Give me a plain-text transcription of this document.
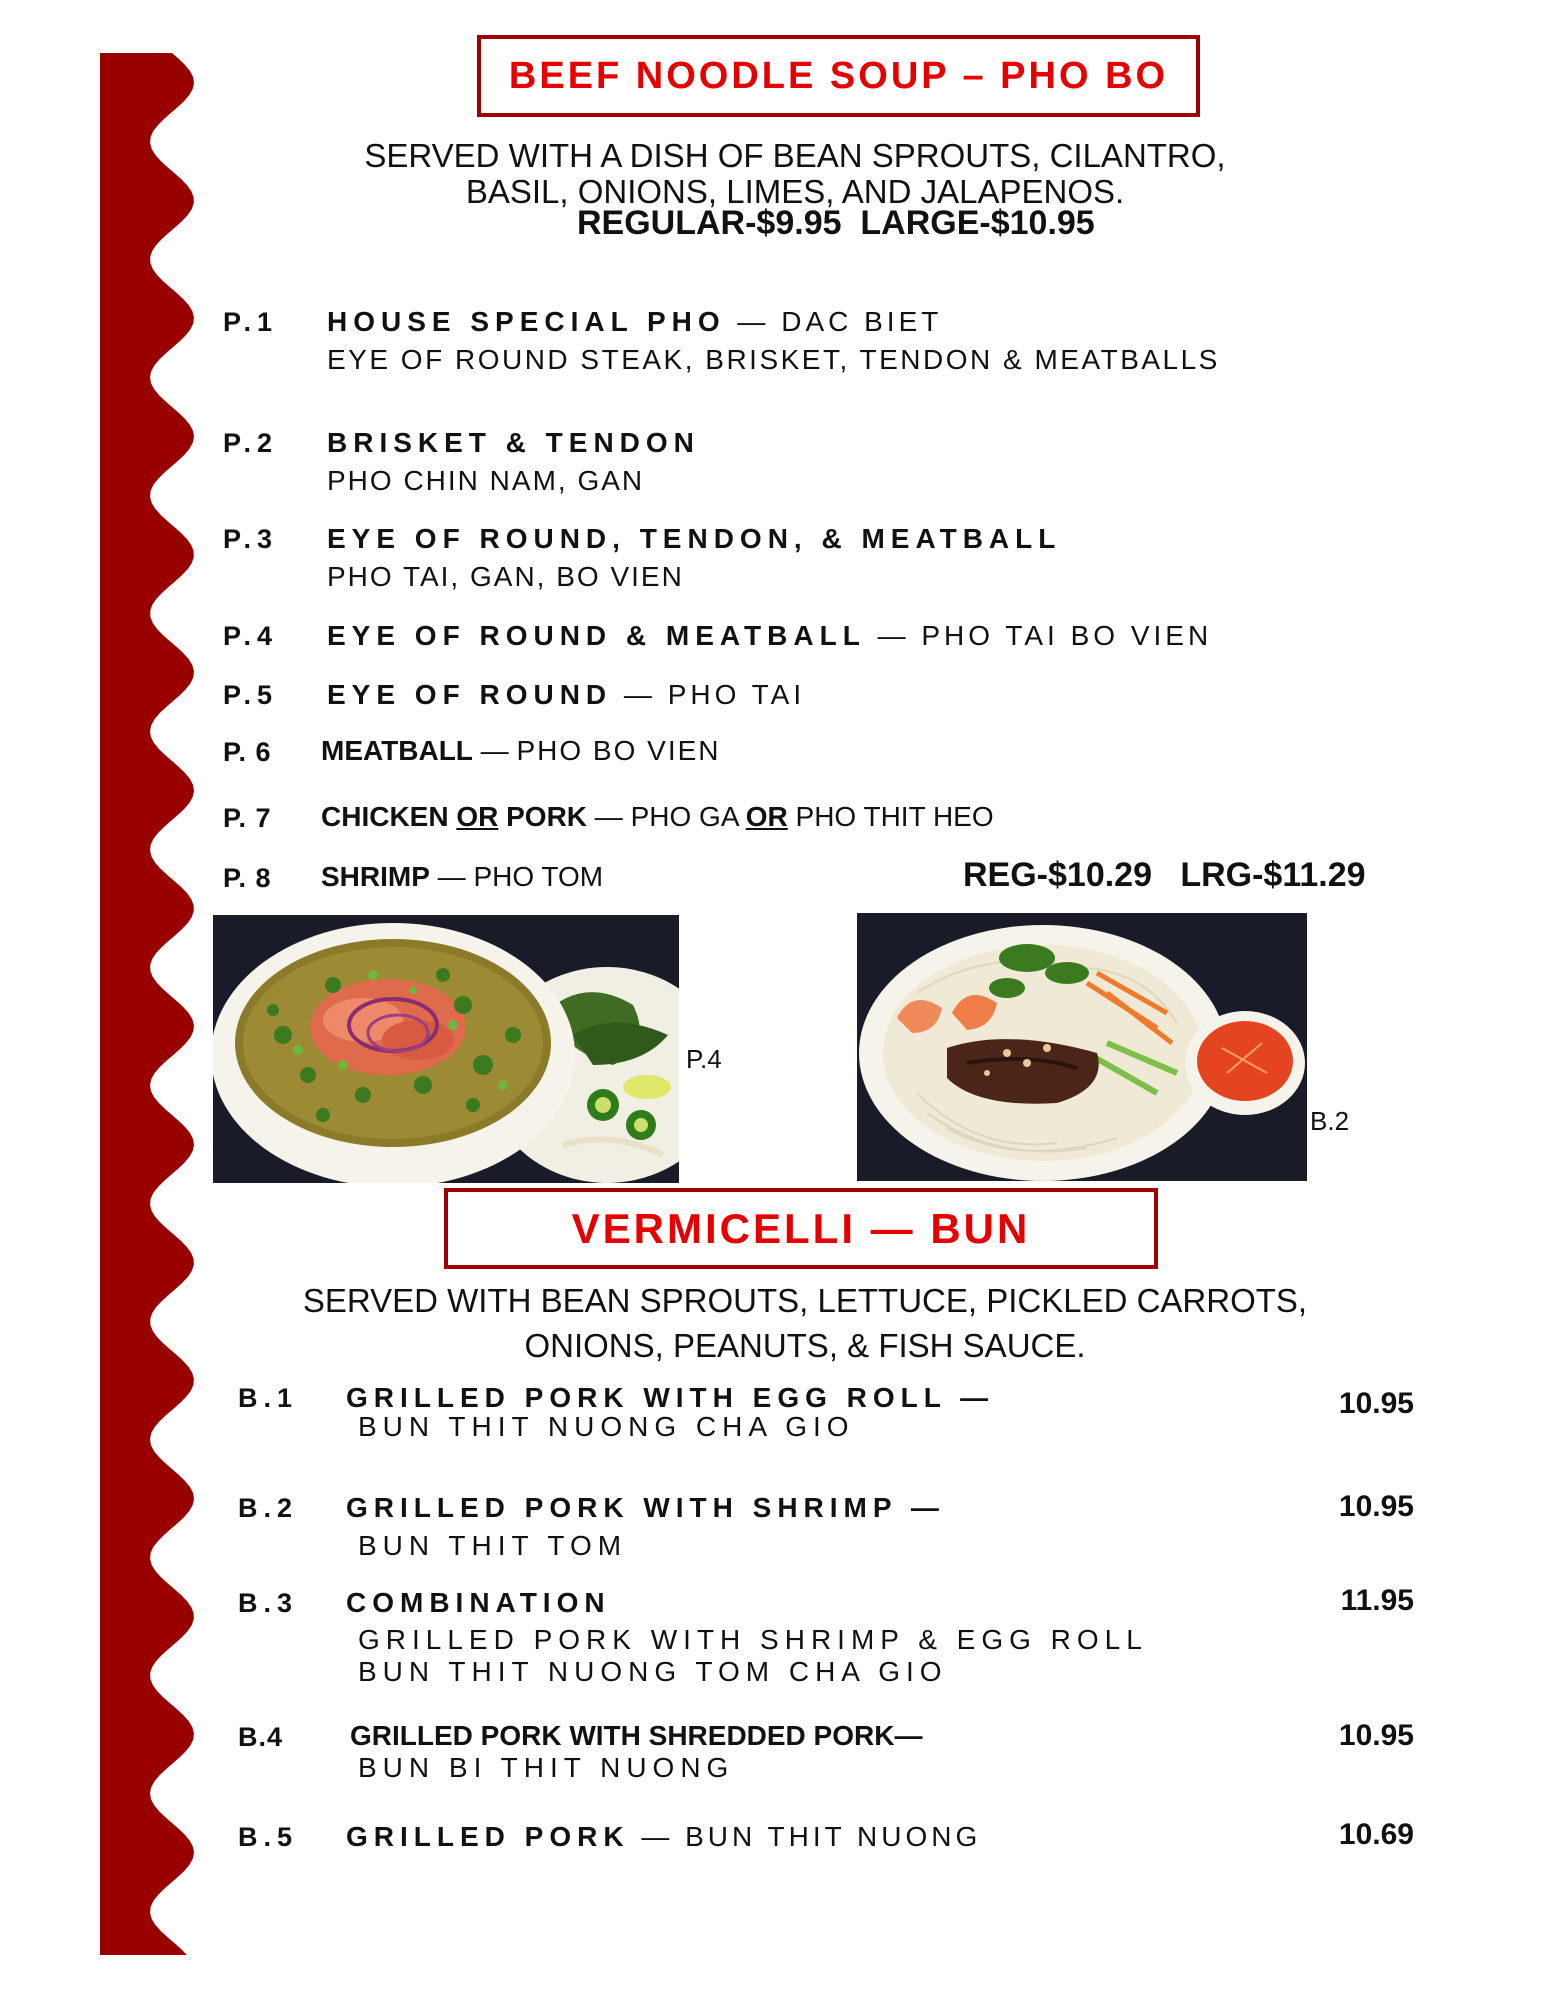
BEEF NOODLE SOUP – PHO BO
SERVED WITH A DISH OF BEAN SPROUTS, CILANTRO,
BASIL, ONIONS, LIMES, AND JALAPENOS.
REGULAR-$9.95  LARGE-$10.95
P.1 HOUSE SPECIAL PHO — DAC BIET
EYE OF ROUND STEAK, BRISKET, TENDON & MEATBALLS
P.2 BRISKET & TENDON
PHO CHIN NAM, GAN
P.3 EYE OF ROUND, TENDON, & MEATBALL
PHO TAI, GAN, BO VIEN
P.4 EYE OF ROUND & MEATBALL — PHO TAI BO VIEN
P.5 EYE OF ROUND — PHO TAI
P. 6 MEATBALL — PHO BO VIEN
P. 7 CHICKEN OR PORK — PHO GA OR PHO THIT HEO
P. 8 SHRIMP — PHO TOM	REG-$10.29   LRG-$11.29
P.4
B.2
VERMICELLI — BUN
SERVED WITH BEAN SPROUTS, LETTUCE, PICKLED CARROTS,
ONIONS, PEANUTS, & FISH SAUCE.
B.1 GRILLED PORK WITH EGG ROLL —
BUN THIT NUONG CHA GIO
10.95
B.2 GRILLED PORK WITH SHRIMP —
BUN THIT TOM
10.95
B.3 COMBINATION
GRILLED PORK WITH SHRIMP & EGG ROLL
BUN THIT NUONG TOM CHA GIO
11.95
B.4 GRILLED PORK WITH SHREDDED PORK—
BUN BI THIT NUONG
10.95
B.5 GRILLED PORK — BUN THIT NUONG	10.69
